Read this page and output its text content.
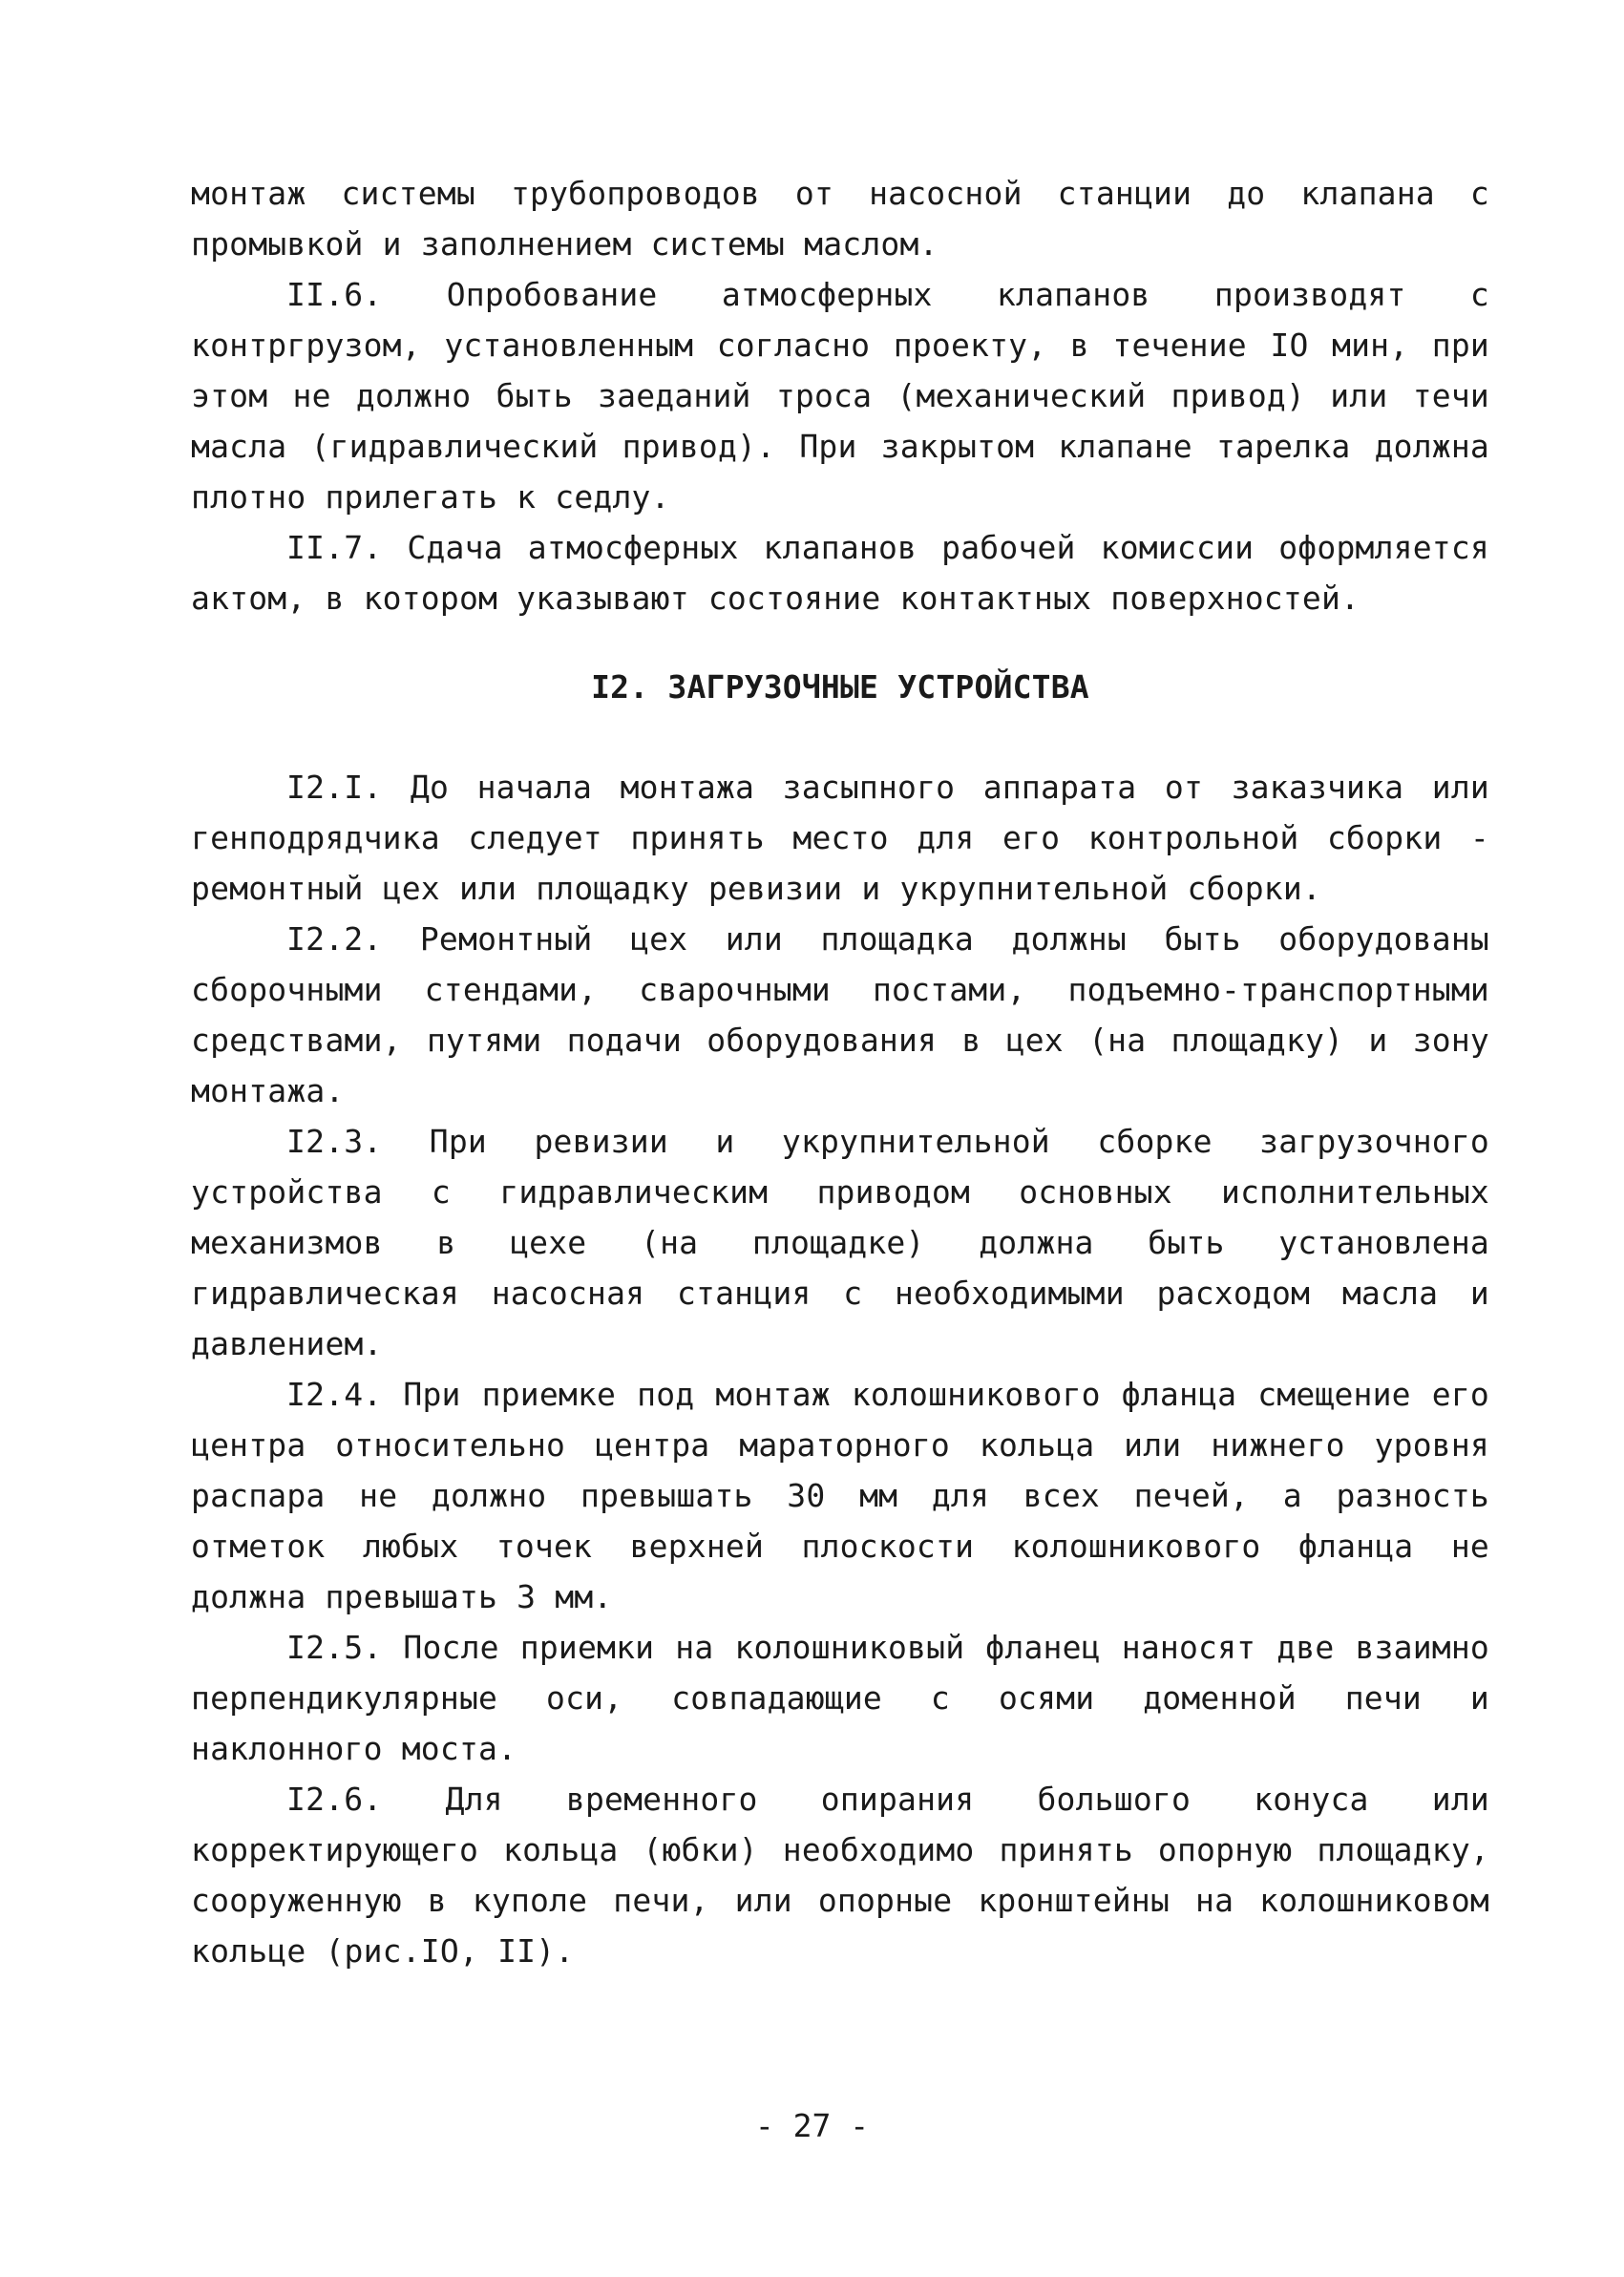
монтаж системы трубопроводов от насосной станции до клапана с промывкой и заполнением системы маслом.

II.6. Опробование атмосферных клапанов производят с контргрузом, установленным согласно проекту, в течение IO мин, при этом не должно быть заеданий троса (механический привод) или течи масла (гидравлический привод). При закрытом клапане тарелка должна плотно прилегать к седлу.

II.7. Сдача атмосферных клапанов рабочей комиссии оформляется актом, в котором указывают состояние контактных поверхностей.

I2. ЗАГРУЗОЧНЫЕ УСТРОЙСТВА

I2.I. До начала монтажа засыпного аппарата от заказчика или генподрядчика следует принять место для его контрольной сборки - ремонтный цех или площадку ревизии и укрупнительной сборки.

I2.2. Ремонтный цех или площадка должны быть оборудованы сборочными стендами, сварочными постами, подъемно-транспортными средствами, путями подачи оборудования в цех (на площадку) и зону монтажа.

I2.3. При ревизии и укрупнительной сборке загрузочного устройства с гидравлическим приводом основных исполнительных механизмов в цехе (на площадке) должна быть установлена гидравлическая насосная станция с необходимыми расходом масла и давлением.

I2.4. При приемке под монтаж колошникового фланца смещение его центра относительно центра мараторного кольца или нижнего уровня распара не должно превышать 30 мм для всех печей, а разность отметок любых точек верхней плоскости колошникового фланца не должна превышать 3 мм.

I2.5. После приемки на колошниковый фланец наносят две взаимно перпендикулярные оси, совпадающие с осями доменной печи и наклонного моста.

I2.6. Для временного опирания большого конуса или корректирующего кольца (юбки) необходимо принять опорную площадку, сооруженную в куполе печи, или опорные кронштейны на колошниковом кольце (рис.IO, II).

- 27 -
